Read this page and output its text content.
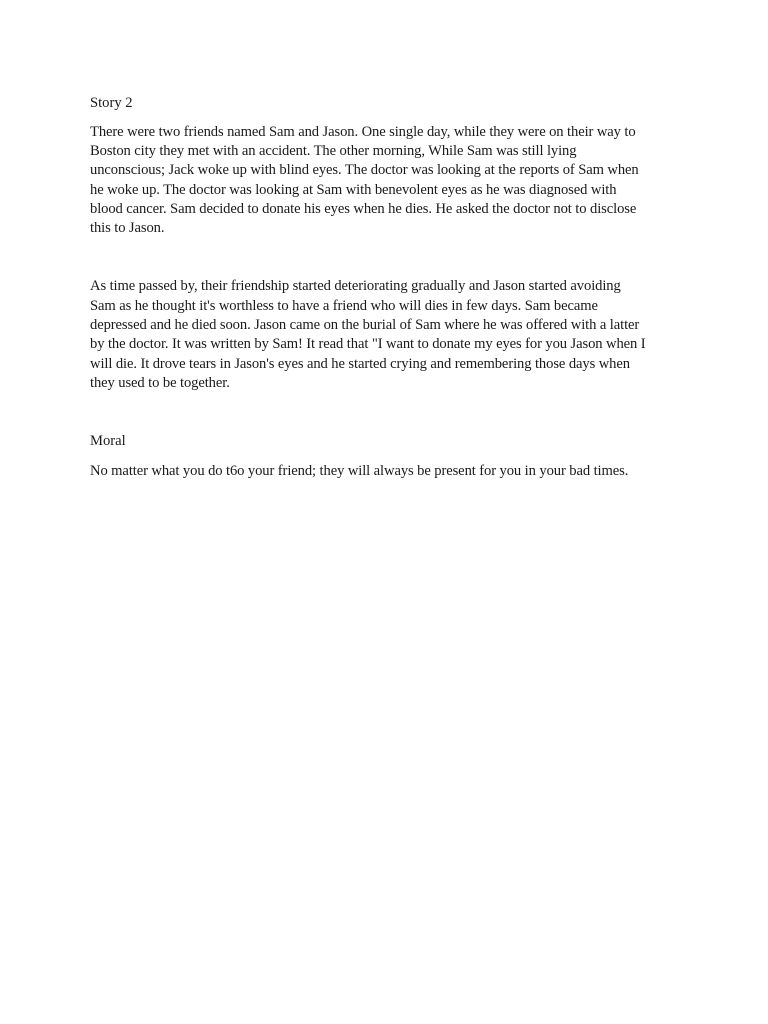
Story 2
There were two friends named Sam and Jason. One single day, while they were on their way to
Boston city they met with an accident. The other morning, While Sam was still lying
unconscious; Jack woke up with blind eyes. The doctor was looking at the reports of Sam when
he woke up. The doctor was looking at Sam with benevolent eyes as he was diagnosed with
blood cancer. Sam decided to donate his eyes when he dies. He asked the doctor not to disclose
this to Jason.
As time passed by, their friendship started deteriorating gradually and Jason started avoiding
Sam as he thought it's worthless to have a friend who will dies in few days. Sam became
depressed and he died soon. Jason came on the burial of Sam where he was offered with a latter
by the doctor. It was written by Sam! It read that "I want to donate my eyes for you Jason when I
will die. It drove tears in Jason's eyes and he started crying and remembering those days when
they used to be together.
Moral
No matter what you do t6o your friend; they will always be present for you in your bad times.
